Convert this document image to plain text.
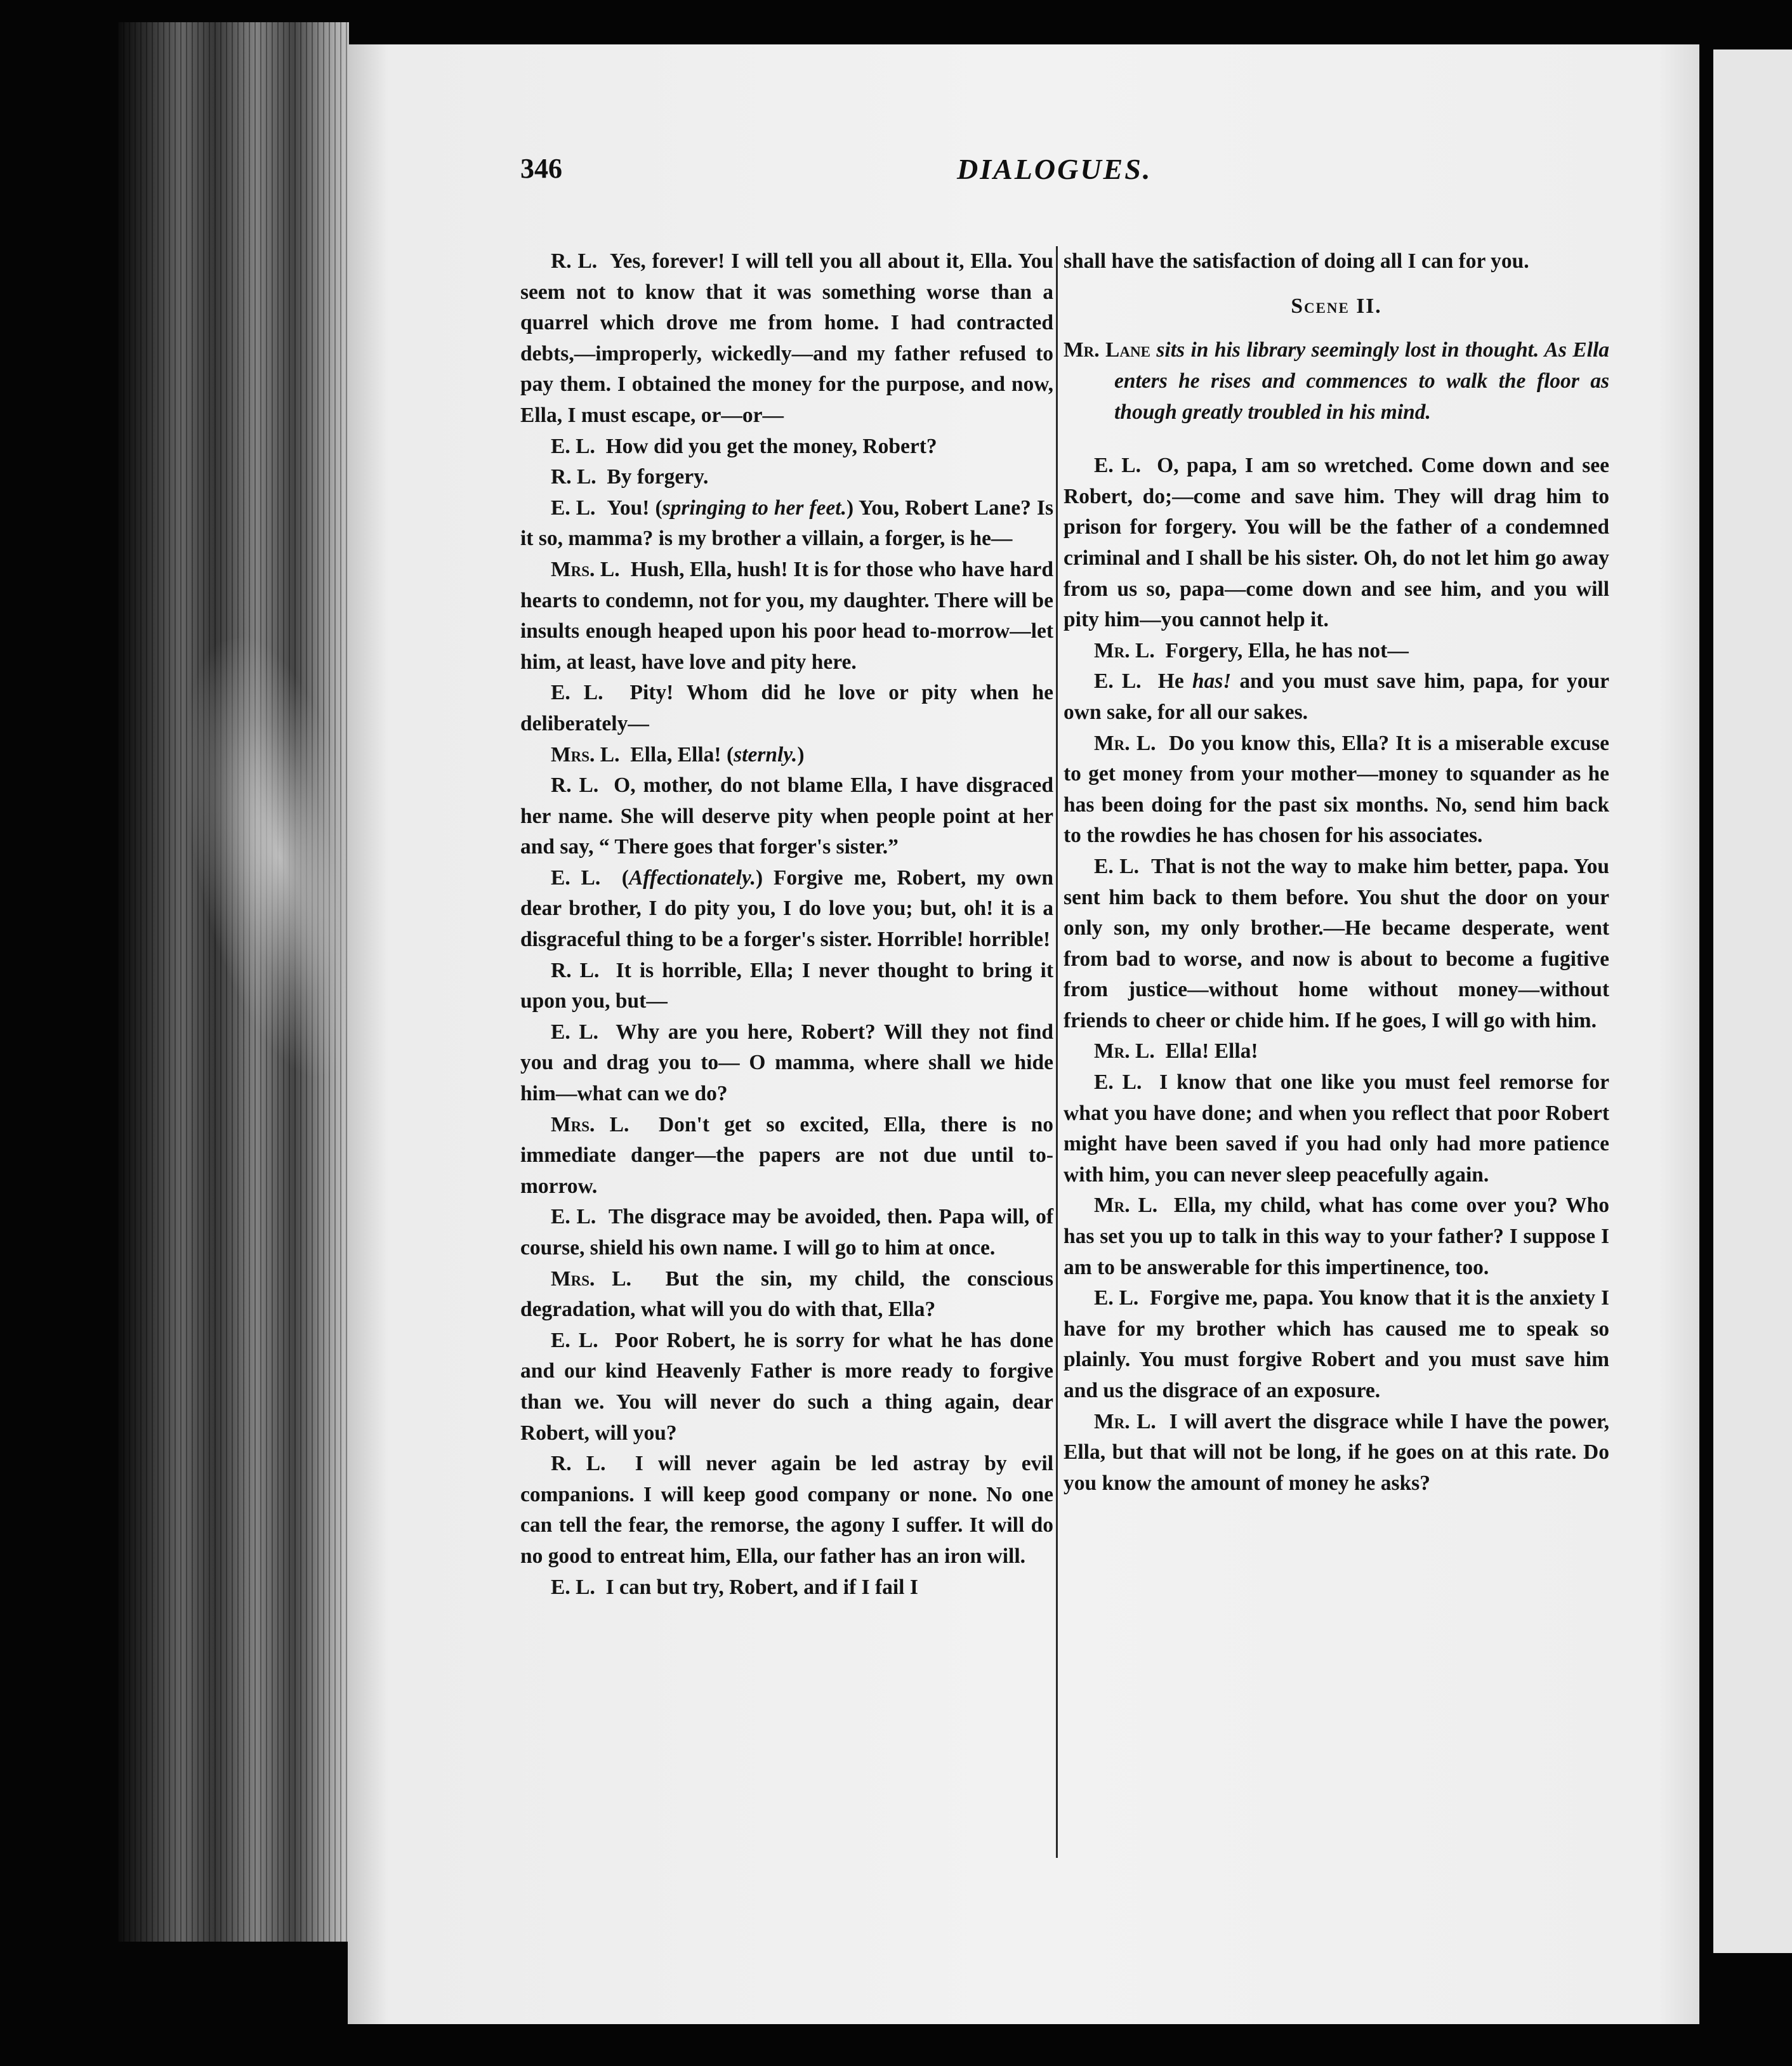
346	DIALOGUES.

R. L. Yes, forever! I will tell you all about it, Ella. You seem not to know that it was something worse than a quarrel which drove me from home. I had contracted debts,—improperly, wickedly—and my father refused to pay them. I obtained the money for the purpose, and now, Ella, I must escape, or—or—

E. L. How did you get the money, Robert?

R. L. By forgery.

E. L. You! (springing to her feet.) You, Robert Lane? Is it so, mamma? is my brother a villain, a forger, is he—

Mrs. L. Hush, Ella, hush! It is for those who have hard hearts to condemn, not for you, my daughter. There will be insults enough heaped upon his poor head to-morrow—let him, at least, have love and pity here.

E. L. Pity! Whom did he love or pity when he deliberately—

Mrs. L. Ella, Ella! (sternly.)

R. L. O, mother, do not blame Ella, I have disgraced her name. She will deserve pity when people point at her and say, “ There goes that forger's sister.”

E. L. (Affectionately.) Forgive me, Robert, my own dear brother, I do pity you, I do love you; but, oh! it is a disgraceful thing to be a forger's sister. Horrible! horrible!

R. L. It is horrible, Ella; I never thought to bring it upon you, but—

E. L. Why are you here, Robert? Will they not find you and drag you to— O mamma, where shall we hide him—what can we do?

Mrs. L. Don't get so excited, Ella, there is no immediate danger—the papers are not due until to-morrow.

E. L. The disgrace may be avoided, then. Papa will, of course, shield his own name. I will go to him at once.

Mrs. L. But the sin, my child, the conscious degradation, what will you do with that, Ella?

E. L. Poor Robert, he is sorry for what he has done and our kind Heavenly Father is more ready to forgive than we. You will never do such a thing again, dear Robert, will you?

R. L. I will never again be led astray by evil companions. I will keep good company or none. No one can tell the fear, the remorse, the agony I suffer. It will do no good to entreat him, Ella, our father has an iron will.

E. L. I can but try, Robert, and if I fail I

shall have the satisfaction of doing all I can for you.

Scene II.

Mr. Lane sits in his library seemingly lost in thought. As Ella enters he rises and commences to walk the floor as though greatly troubled in his mind.

E. L. O, papa, I am so wretched. Come down and see Robert, do;—come and save him. They will drag him to prison for forgery. You will be the father of a condemned criminal and I shall be his sister. Oh, do not let him go away from us so, papa—come down and see him, and you will pity him—you cannot help it.

Mr. L. Forgery, Ella, he has not—

E. L. He has! and you must save him, papa, for your own sake, for all our sakes.

Mr. L. Do you know this, Ella? It is a miserable excuse to get money from your mother—money to squander as he has been doing for the past six months. No, send him back to the rowdies he has chosen for his associates.

E. L. That is not the way to make him better, papa. You sent him back to them before. You shut the door on your only son, my only brother.—He became desperate, went from bad to worse, and now is about to become a fugitive from justice—without home without money—without friends to cheer or chide him. If he goes, I will go with him.

Mr. L. Ella! Ella!

E. L. I know that one like you must feel remorse for what you have done; and when you reflect that poor Robert might have been saved if you had only had more patience with him, you can never sleep peacefully again.

Mr. L. Ella, my child, what has come over you? Who has set you up to talk in this way to your father? I suppose I am to be answerable for this impertinence, too.

E. L. Forgive me, papa. You know that it is the anxiety I have for my brother which has caused me to speak so plainly. You must forgive Robert and you must save him and us the disgrace of an exposure.

Mr. L. I will avert the disgrace while I have the power, Ella, but that will not be long, if he goes on at this rate. Do you know the amount of money he asks?
